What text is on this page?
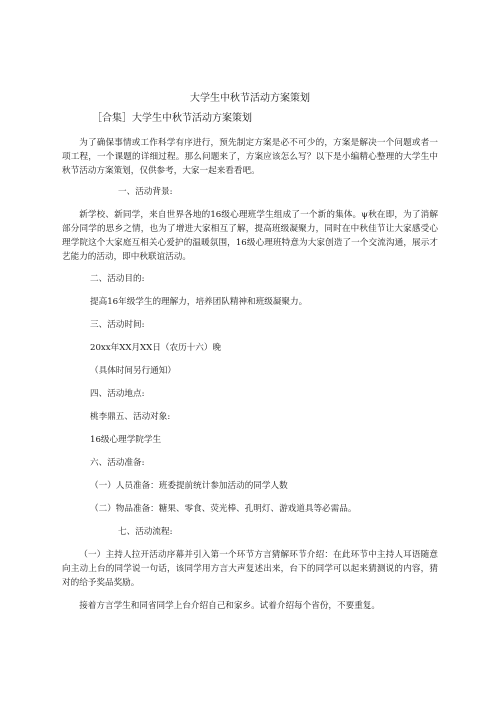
大学生中秋节活动方案策划
［合集］大学生中秋节活动方案策划

为了确保事情或工作科学有序进行，预先制定方案是必不可少的，方案是解决一个问题或者一项工程，一个课题的详细过程。那么问题来了，方案应该怎么写？以下是小编精心整理的大学生中秋节活动方案策划，仅供参考，大家一起来看看吧。

一、活动背景:

新学校、新同学，来自世界各地的16级心理班学生组成了一个新的集体。ψ秋在即，为了消解部分同学的思乡之情，也为了增进大家相互了解，提高班级凝聚力，同时在中秋佳节让大家感受心理学院这个大家庭互相关心爱护的温暖氛围，16级心理班特意为大家创造了一个交流沟通，展示才艺能力的活动，即中秋联谊活动。

二、活动目的:

提高16年级学生的理解力，培养团队精神和班级凝聚力。

三、活动时间:

20xx年XX月XX日（农历十六）晚

（具体时间另行通知）

四、活动地点:

桃李鼎五、活动对象:

16级心理学院学生

六、活动准备:

（一）人员准备：班委提前统计参加活动的同学人数

（二）物品准备：糖果、零食、荧光棒、孔明灯、游戏道具等必需品。

七、活动流程:

（一）主持人拉开活动序幕并引入第一个环节方言猜解环节介绍：在此环节中主持人耳语随意向主动上台的同学说一句话，该同学用方言大声复述出来，台下的同学可以起来猜测说的内容，猜对的给予奖品奖励。

接着方言学生和同省同学上台介绍自己和家乡。试着介绍每个省份，不要重复。
